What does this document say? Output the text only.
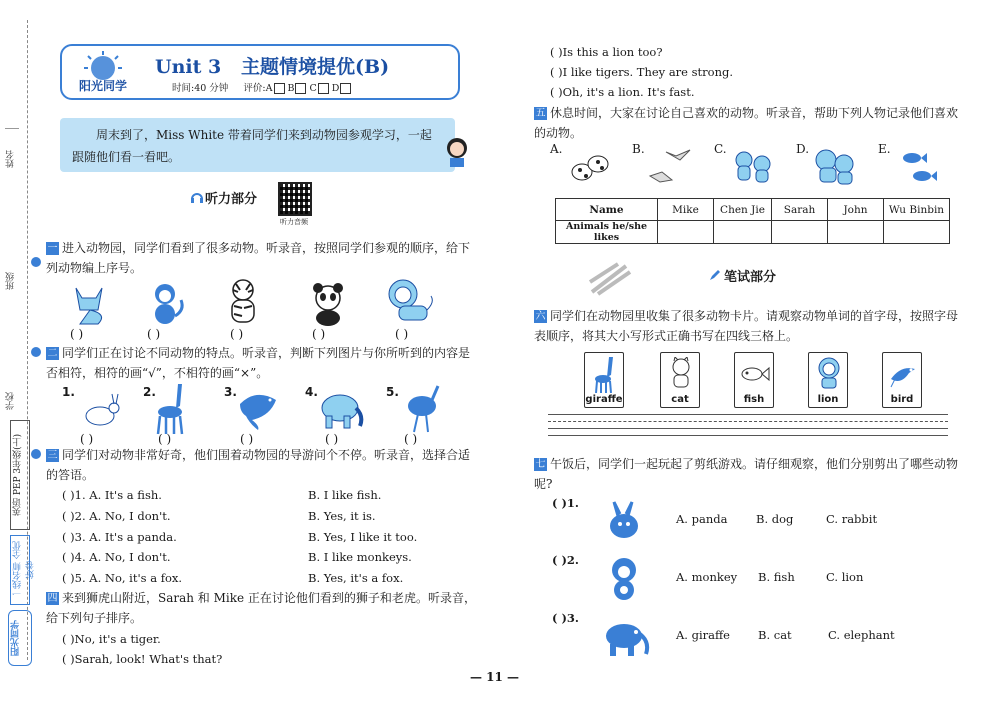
姓名
班级
学校
英语 PEP 3年级(上)
一线名师 全优好卷
阳光同学
阳光同学
Unit 3   主题情境提优(B)
时间:40 分钟 评价:A B C D
周末到了，Miss White 带着同学们来到动物园参观学习，一起跟随他们看一看吧。
听力部分
听力音频
一 进入动物园，同学们看到了很多动物。听录音，按照同学们参观的顺序，给下列动物编上序号。
( )	( )	( )	( )	( )
二 同学们正在讨论不同动物的特点。听录音，判断下列图片与你所听到的内容是否相符，相符的画“√”，不相符的画“×”。
1.	2.	3.	4.	5.
( )	( )	( )	( )	( )
三 同学们对动物非常好奇，他们围着动物园的导游问个不停。听录音，选择合适的答语。
( )1. A. It's a fish.	B. I like fish.
( )2. A. No, I don't.	B. Yes, it is.
( )3. A. It's a panda.	B. Yes, I like it too.
( )4. A. No, I don't.	B. I like monkeys.
( )5. A. No, it's a fox.	B. Yes, it's a fox.
四 来到狮虎山附近，Sarah 和 Mike 正在讨论他们看到的狮子和老虎。听录音，给下列句子排序。
( )No, it's a tiger.
( )Sarah, look! What's that?
( )Is this a lion too?
( )I like tigers. They are strong.
( )Oh, it's a lion. It's fast.
五 休息时间，大家在讨论自己喜欢的动物。听录音，帮助下列人物记录他们喜欢的动物。
A.	B.	C.	D.	E.
Name	Mike	Chen Jie	Sarah	John	Wu Binbin
Animals he/she likes					
笔试部分
六 同学们在动物园里收集了很多动物卡片。请观察动物单词的首字母，按照字母表顺序，将其大小写形式正确书写在四线三格上。
giraffe	cat	fish	lion	bird
七 午饭后，同学们一起玩起了剪纸游戏。请仔细观察，他们分别剪出了哪些动物呢?
( )1.
A. panda B. dog	C. rabbit
( )2.
A. monkey B. fish	C. lion
( )3.
A. giraffe B. cat	C. elephant
— 11 —
